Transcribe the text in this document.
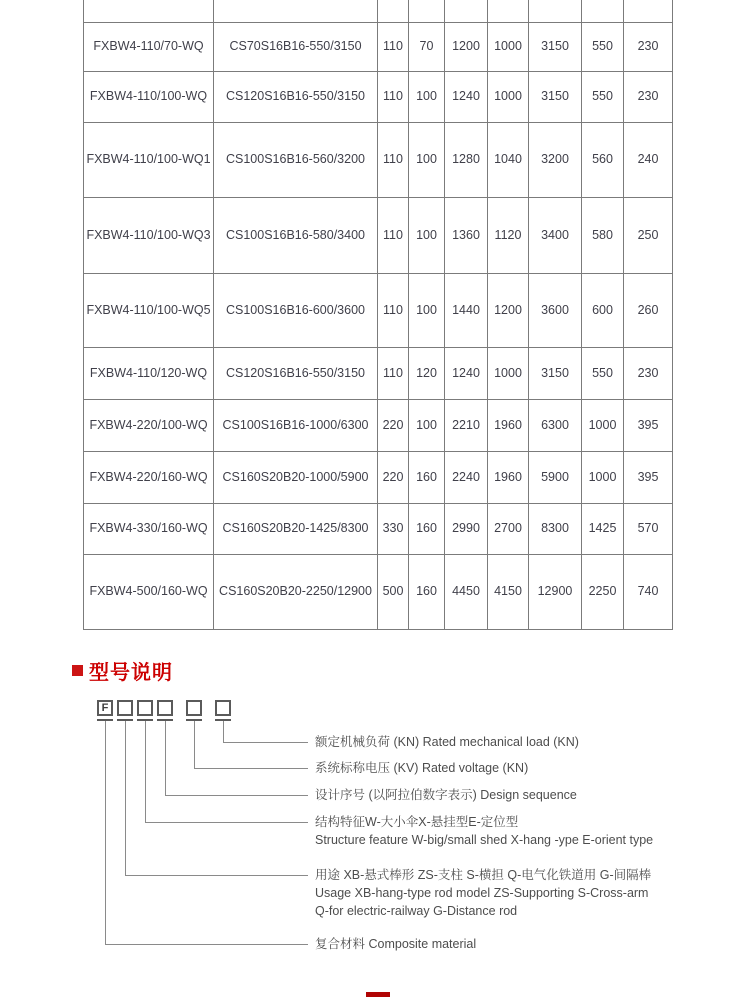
FXBW4-110/70-WQ	CS70S16B16-550/3150	110	70	1200	1000	3150	550	230
FXBW4-110/100-WQ	CS120S16B16-550/3150	110	100	1240	1000	3150	550	230
FXBW4-110/100-WQ1	CS100S16B16-560/3200	110	100	1280	1040	3200	560	240
FXBW4-110/100-WQ3	CS100S16B16-580/3400	110	100	1360	1120	3400	580	250
FXBW4-110/100-WQ5	CS100S16B16-600/3600	110	100	1440	1200	3600	600	260
FXBW4-110/120-WQ	CS120S16B16-550/3150	110	120	1240	1000	3150	550	230
FXBW4-220/100-WQ	CS100S16B16-1000/6300	220	100	2210	1960	6300	1000	395
FXBW4-220/160-WQ	CS160S20B20-1000/5900	220	160	2240	1960	5900	1000	395
FXBW4-330/160-WQ	CS160S20B20-1425/8300	330	160	2990	2700	8300	1425	570
FXBW4-500/160-WQ	CS160S20B20-2250/12900	500	160	4450	4150	12900	2250	740
型号说明
F
额定机械负荷 (KN) Rated mechanical load (KN)
系统标称电压 (KV) Rated voltage (KN)
设计序号 (以阿拉伯数字表示) Design sequence
结构特征W-大小伞X-悬挂型E-定位型
Structure feature W-big/small shed X-hang -ype E-orient type
用途 XB-悬式棒形 ZS-支柱 S-横担 Q-电气化铁道用 G-间隔棒
Usage XB-hang-type rod model ZS-Supporting S-Cross-arm
Q-for electric-railway G-Distance rod
复合材料 Composite material
